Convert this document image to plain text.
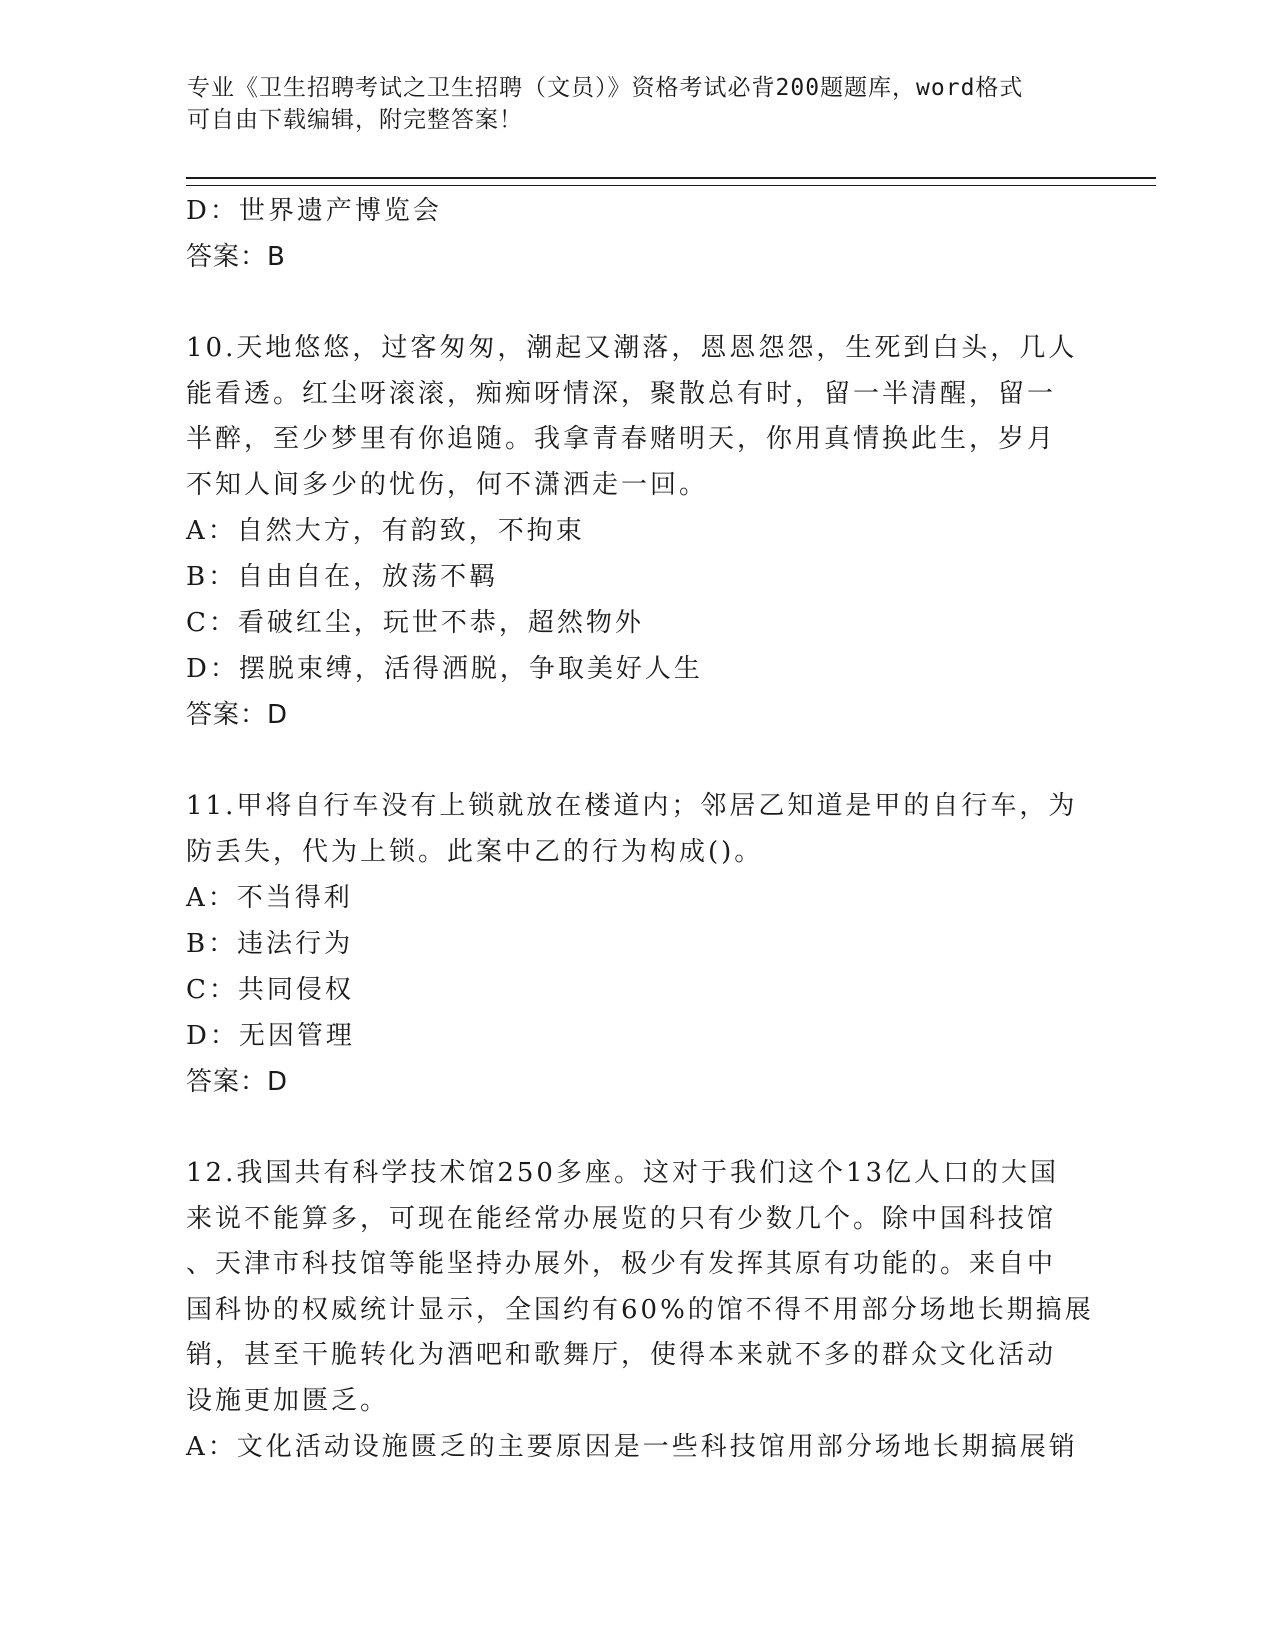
专业《卫生招聘考试之卫生招聘（文员）》资格考试必背200题题库，word格式
可自由下载编辑，附完整答案！
D：世界遗产博览会
答案：B
10.天地悠悠，过客匆匆，潮起又潮落，恩恩怨怨，生死到白头，几人
能看透。红尘呀滚滚，痴痴呀情深，聚散总有时，留一半清醒，留一
半醉，至少梦里有你追随。我拿青春赌明天，你用真情换此生，岁月
不知人间多少的忧伤，何不潇洒走一回。
A：自然大方，有韵致，不拘束
B：自由自在，放荡不羁
C：看破红尘，玩世不恭，超然物外
D：摆脱束缚，活得洒脱，争取美好人生
答案：D
11.甲将自行车没有上锁就放在楼道内；邻居乙知道是甲的自行车，为
防丢失，代为上锁。此案中乙的行为构成()。
A：不当得利
B：违法行为
C：共同侵权
D：无因管理
答案：D
12.我国共有科学技术馆250多座。这对于我们这个13亿人口的大国
来说不能算多，可现在能经常办展览的只有少数几个。除中国科技馆
、天津市科技馆等能坚持办展外，极少有发挥其原有功能的。来自中
国科协的权威统计显示，全国约有60%的馆不得不用部分场地长期搞展
销，甚至干脆转化为酒吧和歌舞厅，使得本来就不多的群众文化活动
设施更加匮乏。
A：文化活动设施匮乏的主要原因是一些科技馆用部分场地长期搞展销
